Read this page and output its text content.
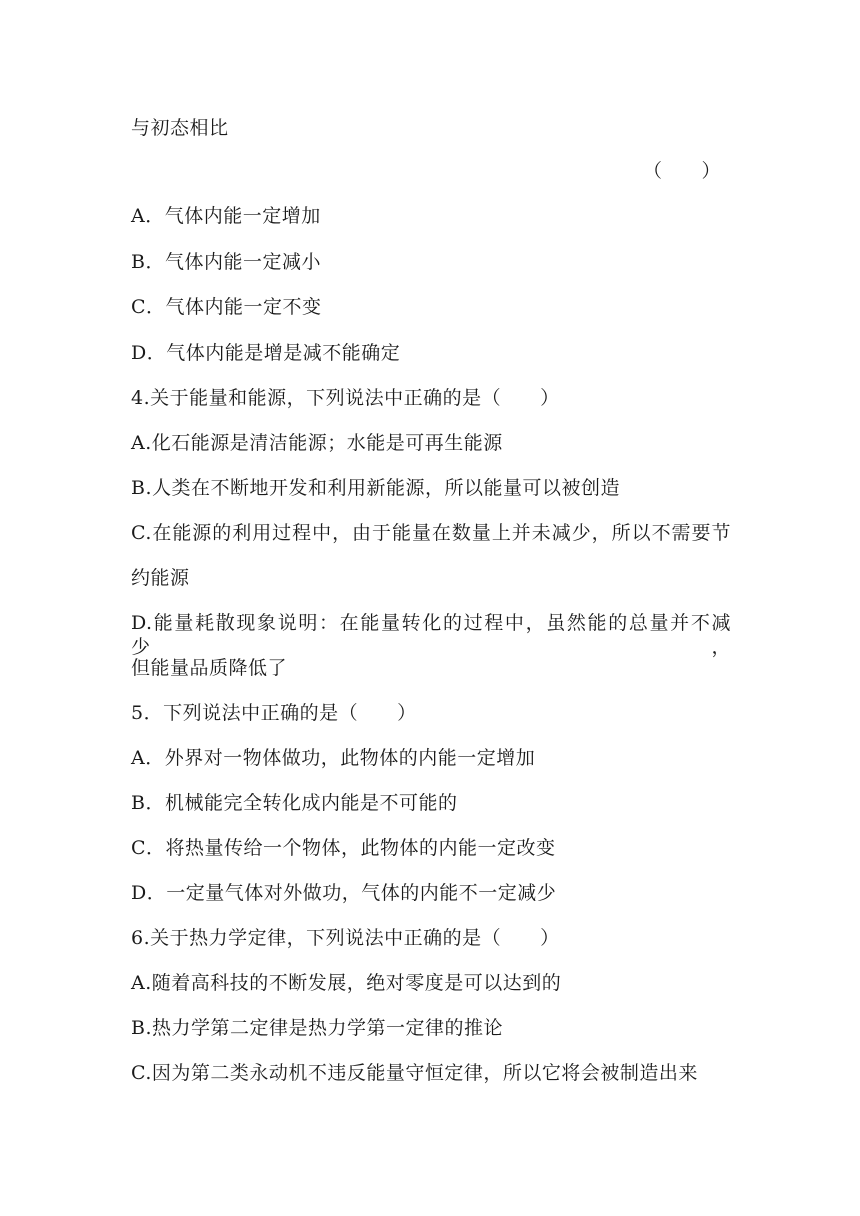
与初态相比
（　　）
A．气体内能一定增加
B．气体内能一定减小
C．气体内能一定不变
D．气体内能是增是减不能确定
4.关于能量和能源，下列说法中正确的是（　　）
A.化石能源是清洁能源；水能是可再生能源
B.人类在不断地开发和利用新能源，所以能量可以被创造
C.在能源的利用过程中，由于能量在数量上并未减少，所以不需要节
约能源
D.能量耗散现象说明：在能量转化的过程中，虽然能的总量并不减少，
但能量品质降低了
5．下列说法中正确的是（　　）
A．外界对一物体做功，此物体的内能一定增加
B．机械能完全转化成内能是不可能的
C．将热量传给一个物体，此物体的内能一定改变
D．一定量气体对外做功，气体的内能不一定减少
6.关于热力学定律，下列说法中正确的是（　　）
A.随着高科技的不断发展，绝对零度是可以达到的
B.热力学第二定律是热力学第一定律的推论
C.因为第二类永动机不违反能量守恒定律，所以它将会被制造出来
